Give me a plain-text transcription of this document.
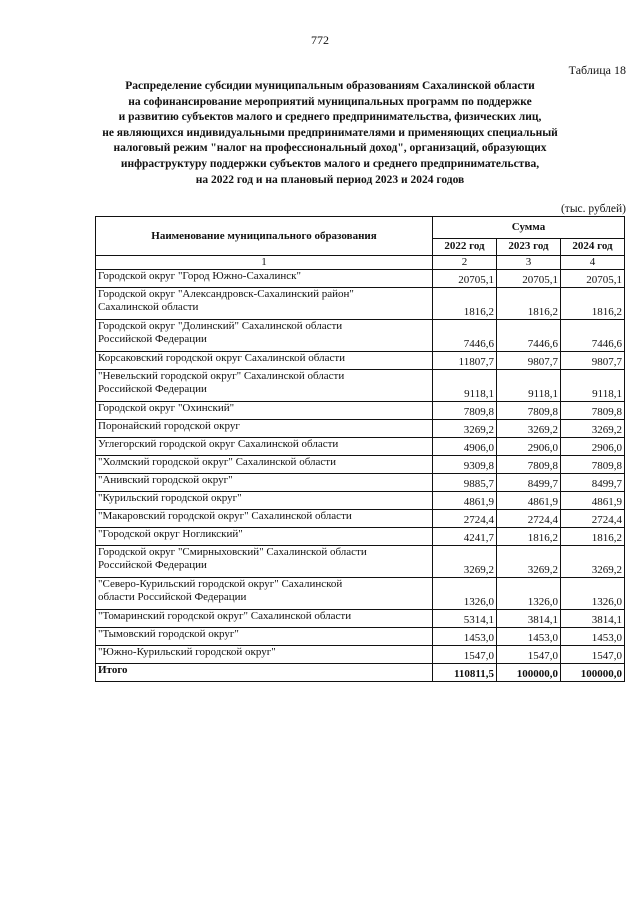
772
Таблица 18
Распределение субсидии муниципальным образованиям Сахалинской области
на софинансирование мероприятий муниципальных программ по поддержке
и развитию субъектов малого и среднего предпринимательства, физических лиц,
не являющихся индивидуальными предпринимателями и применяющих специальный
налоговый режим "налог на профессиональный доход", организаций, образующих
инфраструктуру поддержки субъектов малого и среднего предпринимательства,
на 2022 год и на плановый период 2023 и 2024 годов
(тыс. рублей)
Наименование муниципального образования	Сумма		
	2022 год	2023 год	2024 год
1	2	3	4

Городской округ "Город Южно-Сахалинск"	20705,1	20705,1	20705,1

Городской округ "Александровск-Сахалинский район"
Сахалинской области	1816,2	1816,2	1816,2

Городской округ "Долинский" Сахалинской области
Российской Федерации	7446,6	7446,6	7446,6

Корсаковский городской округ Сахалинской области	11807,7	9807,7	9807,7

"Невельский городской округ" Сахалинской области
Российской Федерации	9118,1	9118,1	9118,1

Городской округ "Охинский"	7809,8	7809,8	7809,8

Поронайский городской округ	3269,2	3269,2	3269,2

Углегорский городской округ Сахалинской области	4906,0	2906,0	2906,0

"Холмский городской округ" Сахалинской области	9309,8	7809,8	7809,8

"Анивский городской округ"	9885,7	8499,7	8499,7

"Курильский городской округ"	4861,9	4861,9	4861,9

"Макаровский городской округ" Сахалинской области	2724,4	2724,4	2724,4

"Городской округ Ногликский"	4241,7	1816,2	1816,2

Городской округ "Смирныховский" Сахалинской области
Российской Федерации	3269,2	3269,2	3269,2

"Северо-Курильский городской округ" Сахалинской
области Российской Федерации	1326,0	1326,0	1326,0

"Томаринский городской округ" Сахалинской области	5314,1	3814,1	3814,1

"Тымовский городской округ"	1453,0	1453,0	1453,0

"Южно-Курильский городской округ"	1547,0	1547,0	1547,0
Итого	110811,5	100000,0	100000,0
